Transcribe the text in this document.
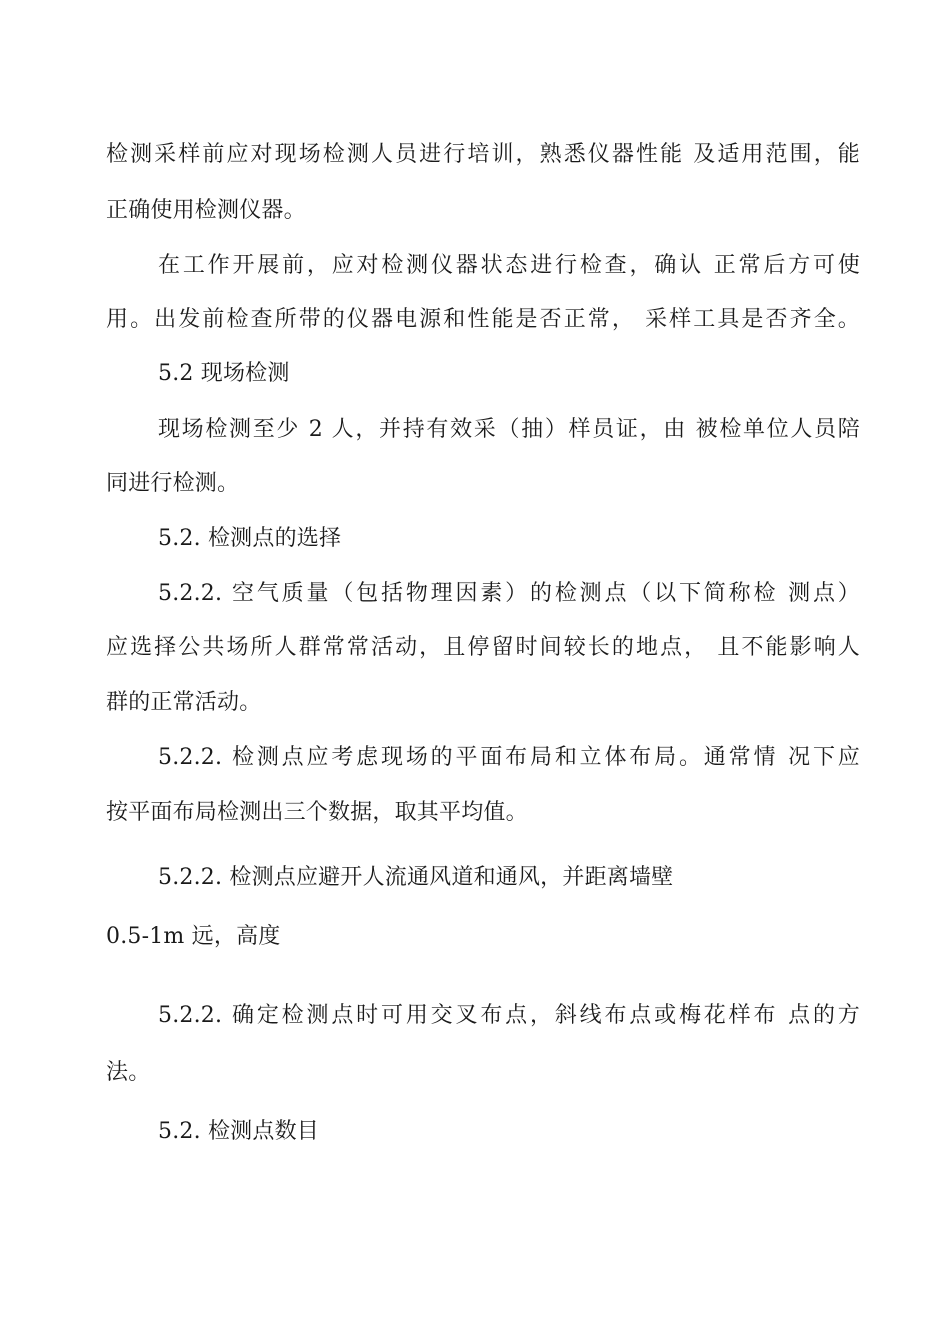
检测采样前应对现场检测人员进行培训，熟悉仪器性能 及适用范围，能
正确使用检测仪器。
在工作开展前，应对检测仪器状态进行检查，确认 正常后方可使
用。出发前检查所带的仪器电源和性能是否正常， 采样工具是否齐全。
5.2 现场检测
现场检测至少 2 人，并持有效采（抽）样员证，由 被检单位人员陪
同进行检测。
5.2. 检测点的选择
5.2.2. 空气质量（包括物理因素）的检测点（以下简称检 测点）
应选择公共场所人群常常活动，且停留时间较长的地点， 且不能影响人
群的正常活动。
5.2.2. 检测点应考虑现场的平面布局和立体布局。通常情 况下应
按平面布局检测出三个数据，取其平均值。
5.2.2. 检测点应避开人流通风道和通风，并距离墙壁
0.5-1m 远，高度
5.2.2. 确定检测点时可用交叉布点，斜线布点或梅花样布 点的方
法。
5.2. 检测点数目
